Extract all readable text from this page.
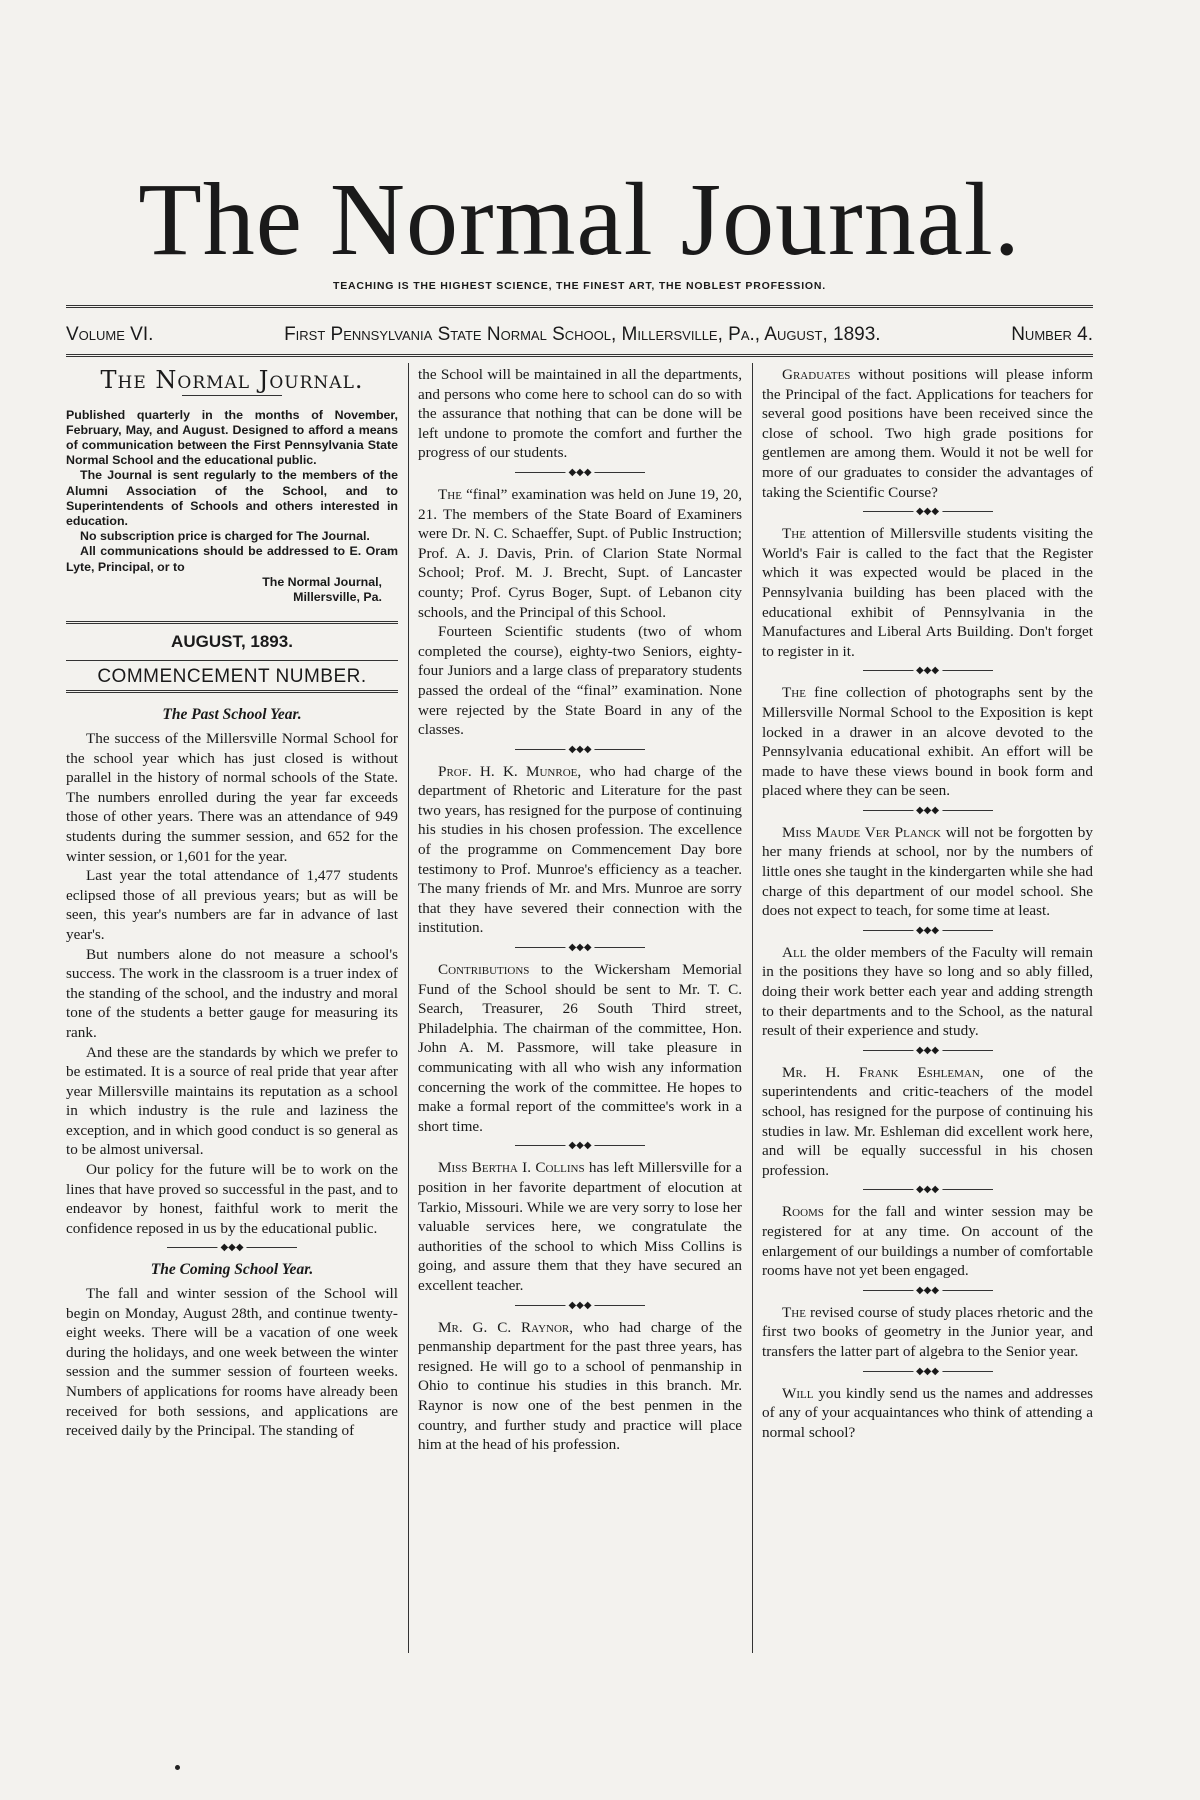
The Normal Journal.
TEACHING IS THE HIGHEST SCIENCE, THE FINEST ART, THE NOBLEST PROFESSION.
Volume VI.	First Pennsylvania State Normal School, Millersville, Pa., August, 1893.	Number 4.
The Normal Journal.

Published quarterly in the months of November, February, May, and August. Designed to afford a means of communication between the First Pennsylvania State Normal School and the educational public.

The Journal is sent regularly to the members of the Alumni Association of the School, and to Superintendents of Schools and others interested in education.

No subscription price is charged for The Journal.

All communications should be addressed to E. Oram Lyte, Principal, or to

The Normal Journal,
Millersville, Pa.
AUGUST, 1893.
COMMENCEMENT NUMBER.
The Past School Year.

The success of the Millersville Normal School for the school year which has just closed is without parallel in the history of normal schools of the State. The numbers enrolled during the year far exceeds those of other years. There was an attendance of 949 students during the summer session, and 652 for the winter session, or 1,601 for the year.

Last year the total attendance of 1,477 students eclipsed those of all previous years; but as will be seen, this year's numbers are far in advance of last year's.

But numbers alone do not measure a school's success. The work in the classroom is a truer index of the standing of the school, and the industry and moral tone of the students a better gauge for measuring its rank.

And these are the standards by which we prefer to be estimated. It is a source of real pride that year after year Millersville maintains its reputation as a school in which industry is the rule and laziness the exception, and in which good conduct is so general as to be almost universal.

Our policy for the future will be to work on the lines that have proved so successful in the past, and to endeavor by honest, faithful work to merit the confidence reposed in us by the educational public.

◆◆◆
The Coming School Year.

The fall and winter session of the School will begin on Monday, August 28th, and continue twenty-eight weeks. There will be a vacation of one week during the holidays, and one week between the winter session and the summer session of fourteen weeks. Numbers of applications for rooms have already been received for both sessions, and applications are received daily by the Principal. The standing of

the School will be maintained in all the departments, and persons who come here to school can do so with the assurance that nothing that can be done will be left undone to promote the comfort and further the progress of our students.

◆◆◆

The “final” examination was held on June 19, 20, 21. The members of the State Board of Examiners were Dr. N. C. Schaeffer, Supt. of Public Instruction; Prof. A. J. Davis, Prin. of Clarion State Normal School; Prof. M. J. Brecht, Supt. of Lancaster county; Prof. Cyrus Boger, Supt. of Lebanon city schools, and the Principal of this School.

Fourteen Scientific students (two of whom completed the course), eighty-two Seniors, eighty-four Juniors and a large class of preparatory students passed the ordeal of the “final” examination. None were rejected by the State Board in any of the classes.

◆◆◆

Prof. H. K. Munroe, who had charge of the department of Rhetoric and Literature for the past two years, has resigned for the purpose of continuing his studies in his chosen profession. The excellence of the programme on Commencement Day bore testimony to Prof. Munroe's efficiency as a teacher. The many friends of Mr. and Mrs. Munroe are sorry that they have severed their connection with the institution.

◆◆◆

Contributions to the Wickersham Memorial Fund of the School should be sent to Mr. T. C. Search, Treasurer, 26 South Third street, Philadelphia. The chairman of the committee, Hon. John A. M. Passmore, will take pleasure in communicating with all who wish any information concerning the work of the committee. He hopes to make a formal report of the committee's work in a short time.

◆◆◆

Miss Bertha I. Collins has left Millersville for a position in her favorite department of elocution at Tarkio, Missouri. While we are very sorry to lose her valuable services here, we congratulate the authorities of the school to which Miss Collins is going, and assure them that they have secured an excellent teacher.

◆◆◆

Mr. G. C. Raynor, who had charge of the penmanship department for the past three years, has resigned. He will go to a school of penmanship in Ohio to continue his studies in this branch. Mr. Raynor is now one of the best penmen in the country, and further study and practice will place him at the head of his profession.

Graduates without positions will please inform the Principal of the fact. Applications for teachers for several good positions have been received since the close of school. Two high grade positions for gentlemen are among them. Would it not be well for more of our graduates to consider the advantages of taking the Scientific Course?

◆◆◆

The attention of Millersville students visiting the World's Fair is called to the fact that the Register which it was expected would be placed in the Pennsylvania building has been placed with the educational exhibit of Pennsylvania in the Manufactures and Liberal Arts Building. Don't forget to register in it.

◆◆◆

The fine collection of photographs sent by the Millersville Normal School to the Exposition is kept locked in a drawer in an alcove devoted to the Pennsylvania educational exhibit. An effort will be made to have these views bound in book form and placed where they can be seen.

◆◆◆

Miss Maude Ver Planck will not be forgotten by her many friends at school, nor by the numbers of little ones she taught in the kindergarten while she had charge of this department of our model school. She does not expect to teach, for some time at least.

◆◆◆

All the older members of the Faculty will remain in the positions they have so long and so ably filled, doing their work better each year and adding strength to their departments and to the School, as the natural result of their experience and study.

◆◆◆

Mr. H. Frank Eshleman, one of the superintendents and critic-teachers of the model school, has resigned for the purpose of continuing his studies in law. Mr. Eshleman did excellent work here, and will be equally successful in his chosen profession.

◆◆◆

Rooms for the fall and winter session may be registered for at any time. On account of the enlargement of our buildings a number of comfortable rooms have not yet been engaged.

◆◆◆

The revised course of study places rhetoric and the first two books of geometry in the Junior year, and transfers the latter part of algebra to the Senior year.

◆◆◆

Will you kindly send us the names and addresses of any of your acquaintances who think of attending a normal school?
